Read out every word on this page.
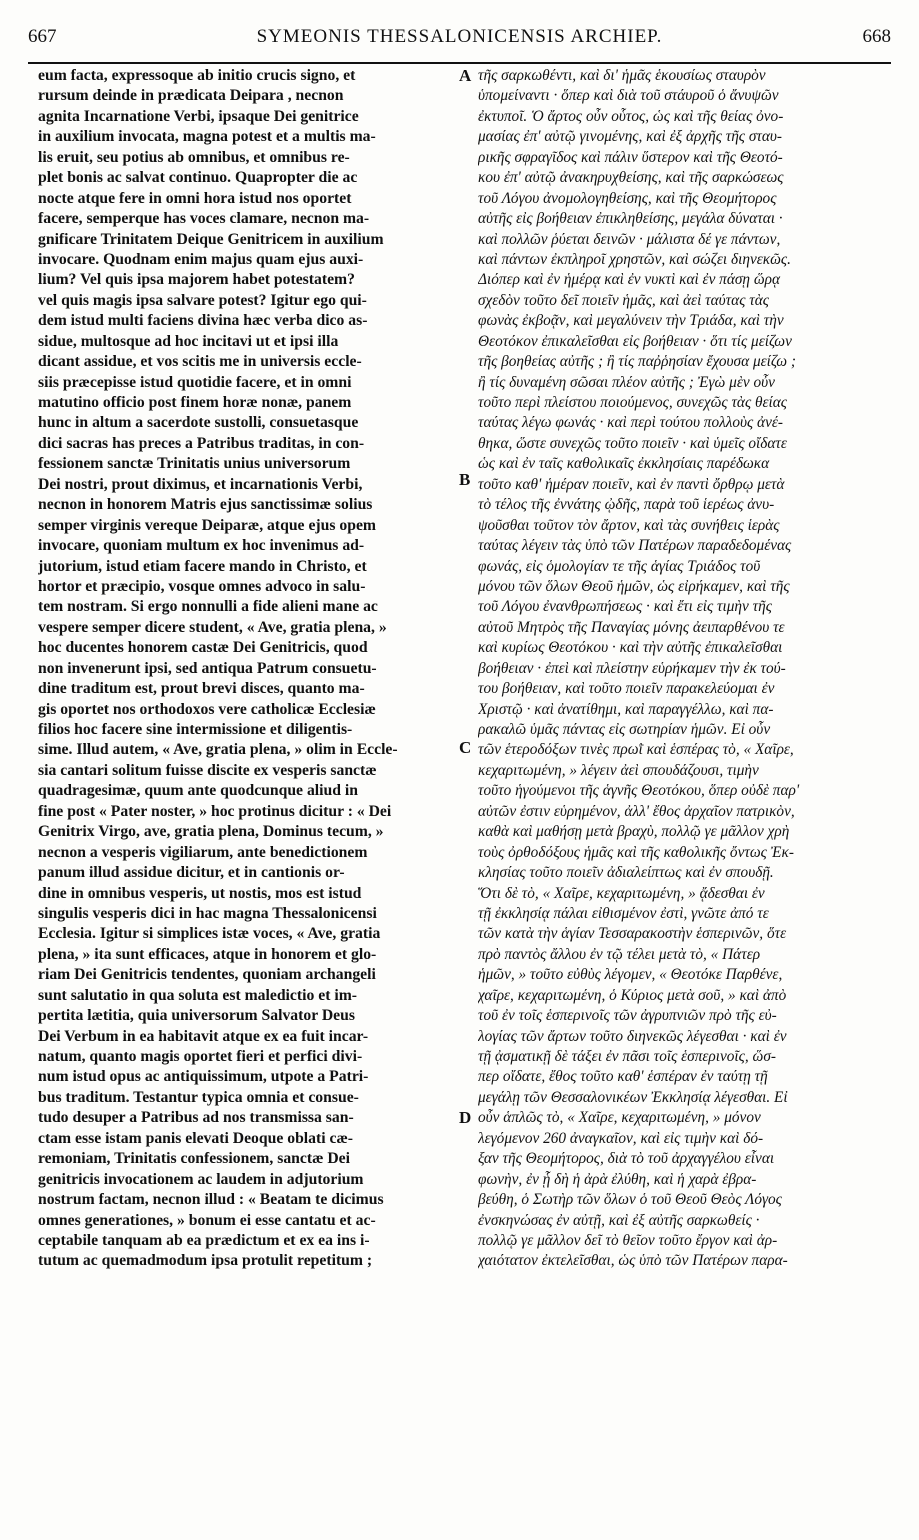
667	SYMEONIS THESSALONICENSIS ARCHIEP.	668
eum facta, expressoque ab initio crucis signo, et
rursum deinde in prædicata Deipara , necnon
agnita Incarnatione Verbi, ipsaque Dei genitrice
in auxilium invocata, magna potest et a multis ma-
lis eruit, seu potius ab omnibus, et omnibus re-
plet bonis ac salvat continuo. Quapropter die ac
nocte atque fere in omni hora istud nos oportet
facere, semperque has voces clamare, necnon ma-
gnificare Trinitatem Deique Genitricem in auxilium
invocare. Quodnam enim majus quam ejus auxi-
lium? Vel quis ipsa majorem habet potestatem?
vel quis magis ipsa salvare potest? Igitur ego qui-
dem istud multi faciens divina hæc verba dico as-
sidue, multosque ad hoc incitavi ut et ipsi illa
dicant assidue, et vos scitis me in universis eccle-
siis præcepisse istud quotidie facere, et in omni
matutino officio post finem horæ nonæ, panem
hunc in altum a sacerdote sustolli, consuetasque
dici sacras has preces a Patribus traditas, in con-
fessionem sanctæ Trinitatis unius universorum
Dei nostri, prout diximus, et incarnationis Verbi,
necnon in honorem Matris ejus sanctissimæ solius
semper virginis vereque Deiparæ, atque ejus opem
invocare, quoniam multum ex hoc invenimus ad-
jutorium, istud etiam facere mando in Christo, et
hortor et præcipio, vosque omnes advoco in salu-
tem nostram. Si ergo nonnulli a fide alieni mane ac
vespere semper dicere student, « Ave, gratia plena, »
hoc ducentes honorem castæ Dei Genitricis, quod
non invenerunt ipsi, sed antiqua Patrum consuetu-
dine traditum est, prout brevi disces, quanto ma-
gis oportet nos orthodoxos vere catholicæ Ecclesiæ
filios hoc facere sine intermissione et diligentis-
sime. Illud autem, « Ave, gratia plena, » olim in Eccle-
sia cantari solitum fuisse discite ex vesperis sanctæ
quadragesimæ, quum ante quodcunque aliud in
fine post « Pater noster, » hoc protinus dicitur : « Dei
Genitrix Virgo, ave, gratia plena, Dominus tecum, »
necnon a vesperis vigiliarum, ante benedictionem
panum illud assidue dicitur, et in cantionis or-
dine in omnibus vesperis, ut nostis, mos est istud
singulis vesperis dici in hac magna Thessalonicensi
Ecclesia. Igitur si simplices istæ voces, « Ave, gratia
plena, » ita sunt efficaces, atque in honorem et glo-
riam Dei Genitricis tendentes, quoniam archangeli
sunt salutatio in qua soluta est maledictio et im-
pertita lætitia, quia universorum Salvator Deus
Dei Verbum in ea habitavit atque ex ea fuit incar-
natum, quanto magis oportet fieri et perfici divi-
num istud opus ac antiquissimum, utpote a Patri-
bus traditum. Testantur typica omnia et consue-
tudo desuper a Patribus ad nos transmissa san-
ctam esse istam panis elevati Deoque oblati cæ-
remoniam, Trinitatis confessionem, sanctæ Dei
genitricis invocationem ac laudem in adjutorium
nostrum factam, necnon illud : « Beatam te dicimus
omnes generationes, » bonum ei esse cantatu et ac-
ceptabile tanquam ab ea prædictum et ex ea ins i-
tutum ac quemadmodum ipsa protulit repetitum ;
τῆς σαρκωθέντι, καὶ δι' ἡμᾶς ἑκουσίως σταυρὸν
ὑπομείναντι · ὅπερ καὶ διὰ τοῦ στάυροῦ ὁ ἄνυψῶν
ἐκτυποῖ. Ὁ ἄρτος οὖν οὗτος, ὡς καὶ τῆς θείας ὀνο-
μασίας ἐπ' αὐτῷ γινομένης, καὶ ἐξ ἀρχῆς τῆς σταυ-
ρικῆς σφραγῖδος καὶ πάλιν ὕστερον καὶ τῆς Θεοτό-
κου ἐπ' αὐτῷ ἀνακηρυχθείσης, καὶ τῆς σαρκώσεως
τοῦ Λόγου ἀνομολογηθείσης, καὶ τῆς Θεομήτορος
αὐτῆς εἰς βοήθειαν ἐπικληθείσης, μεγάλα δύναται ·
καὶ πολλῶν ῥύεται δεινῶν · μάλιστα δέ γε πάντων,
καὶ πάντων ἐκπληροῖ χρηστῶν, καὶ σώζει διηνεκῶς.
Διόπερ καὶ ἐν ἡμέρᾳ καὶ ἐν νυκτὶ καὶ ἐν πάσῃ ὥρᾳ
σχεδὸν τοῦτο δεῖ ποιεῖν ἡμᾶς, καὶ ἀεὶ ταύτας τὰς
φωνὰς ἐκβοᾷν, καὶ μεγαλύνειν τὴν Τριάδα, καὶ τὴν
Θεοτόκον ἐπικαλεῖσθαι εἰς βοήθειαν · ὅτι τίς μείζων
τῆς βοηθείας αὐτῆς ; ἢ τίς παῤῥησίαν ἔχουσα μείζω ;
ἢ τίς δυναμένη σῶσαι πλέον αὐτῆς ; Ἐγὼ μὲν οὖν
τοῦτο περὶ πλείστου ποιούμενος, συνεχῶς τὰς θείας
ταύτας λέγω φωνάς · καὶ περὶ τούτου πολλοὺς ἀνέ-
θηκα, ὥστε συνεχῶς τοῦτο ποιεῖν · καὶ ὑμεῖς οἴδατε
ὡς καὶ ἐν ταῖς καθολικαῖς ἐκκλησίαις παρέδωκα
τοῦτο καθ' ἡμέραν ποιεῖν, καὶ ἐν παντὶ ὄρθρῳ μετὰ
τὸ τέλος τῆς ἐννάτης ᾠδῆς, παρὰ τοῦ ἱερέως ἀνυ-
ψοῦσθαι τοῦτον τὸν ἄρτον, καὶ τὰς συνήθεις ἱερὰς
ταύτας λέγειν τὰς ὑπὸ τῶν Πατέρων παραδεδομένας
φωνάς, εἰς ὁμολογίαν τε τῆς ἁγίας Τριάδος τοῦ
μόνου τῶν ὅλων Θεοῦ ἡμῶν, ὡς εἰρήκαμεν, καὶ τῆς
τοῦ Λόγου ἐνανθρωπήσεως · καὶ ἔτι εἰς τιμὴν τῆς
αὐτοῦ Μητρὸς τῆς Παναγίας μόνης ἀειπαρθένου τε
καὶ κυρίως Θεοτόκου · καὶ τὴν αὐτῆς ἐπικαλεῖσθαι
βοήθειαν · ἐπεὶ καὶ πλείστην εὑρήκαμεν τὴν ἐκ τού-
του βοήθειαν, καὶ τοῦτο ποιεῖν παρακελεύομαι ἐν
Χριστῷ · καὶ ἀνατίθημι, καὶ παραγγέλλω, καὶ πα-
ρακαλῶ ὑμᾶς πάντας εἰς σωτηρίαν ἡμῶν. Εἰ οὖν
τῶν ἑτεροδόξων τινὲς πρωῒ καὶ ἑσπέρας τὸ, « Χαῖρε,
κεχαριτωμένη, » λέγειν ἀεὶ σπουδάζουσι, τιμὴν
τοῦτο ἡγούμενοι τῆς ἁγνῆς Θεοτόκου, ὅπερ οὐδὲ παρ'
αὐτῶν ἐστιν εὑρημένον, ἀλλ' ἔθος ἀρχαῖον πατρικὸν,
καθὰ καὶ μαθήσῃ μετὰ βραχὺ, πολλῷ γε μᾶλλον χρὴ
τοὺς ὀρθοδόξους ἡμᾶς καὶ τῆς καθολικῆς ὄντως Ἐκ-
κλησίας τοῦτο ποιεῖν ἀδιαλείπτως καὶ ἐν σπουδῇ.
Ὅτι δὲ τὸ, « Χαῖρε, κεχαριτωμένη, » ᾄδεσθαι ἐν
τῇ ἐκκλησίᾳ πάλαι εἰθισμένον ἐστὶ, γνῶτε ἀπό τε
τῶν κατὰ τὴν ἁγίαν Τεσσαρακοστὴν ἑσπερινῶν, ὅτε
πρὸ παντὸς ἄλλου ἐν τῷ τέλει μετὰ τὸ, « Πάτερ
ἡμῶν, » τοῦτο εὐθὺς λέγομεν, « Θεοτόκε Παρθένε,
χαῖρε, κεχαριτωμένη, ὁ Κύριος μετὰ σοῦ, » καὶ ἀπὸ
τοῦ ἐν τοῖς ἑσπερινοῖς τῶν ἀγρυπνιῶν πρὸ τῆς εὐ-
λογίας τῶν ἄρτων τοῦτο διηνεκῶς λέγεσθαι · καὶ ἐν
τῇ ᾀσματικῇ δὲ τάξει ἐν πᾶσι τοῖς ἑσπερινοῖς, ὥσ-
περ οἴδατε, ἔθος τοῦτο καθ' ἑσπέραν ἐν ταύτῃ τῇ
μεγάλῃ τῶν Θεσσαλονικέων Ἐκκλησίᾳ λέγεσθαι. Εἰ
οὖν ἁπλῶς τὸ, « Χαῖρε, κεχαριτωμένη, » μόνον
λεγόμενον 260 ἀναγκαῖον, καὶ εἰς τιμὴν καὶ δό-
ξαν τῆς Θεομήτορος, διὰ τὸ τοῦ ἀρχαγγέλου εἶναι
φωνὴν, ἐν ᾗ δὴ ἡ ἀρὰ ἐλύθη, καὶ ἡ χαρὰ ἐβρα-
βεύθη, ὁ Σωτὴρ τῶν ὅλων ὁ τοῦ Θεοῦ Θεὸς Λόγος
ἐνσκηνώσας ἐν αὐτῇ, καὶ ἐξ αὐτῆς σαρκωθείς ·
πολλῷ γε μᾶλλον δεῖ τὸ θεῖον τοῦτο ἔργον καὶ ἀρ-
χαιότατον ἐκτελεῖσθαι, ὡς ὑπὸ τῶν Πατέρων παρα-
A
B
C
D
